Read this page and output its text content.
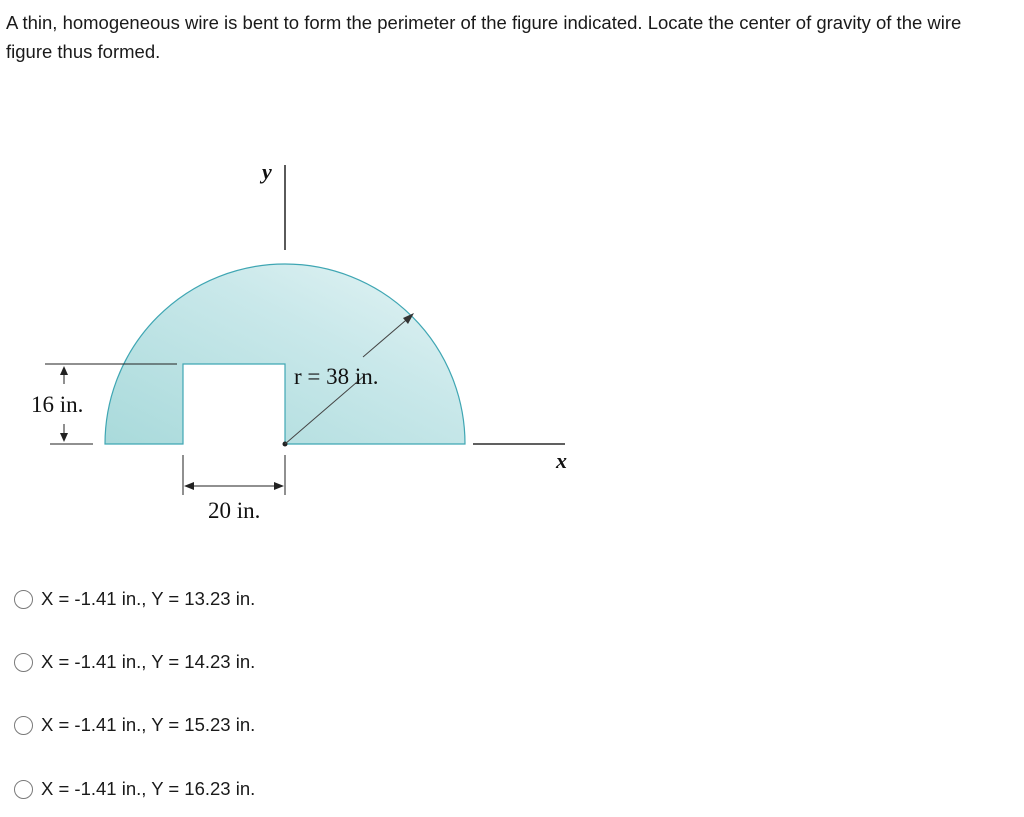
A thin, homogeneous wire is bent to form the perimeter of the figure indicated. Locate the center of gravity of the wire figure thus formed.

y
x
r = 38 in.
16 in.
20 in.
X = -1.41 in., Y = 13.23 in.
X = -1.41 in., Y = 14.23 in.
X = -1.41 in., Y = 15.23 in.
X = -1.41 in., Y = 16.23 in.
